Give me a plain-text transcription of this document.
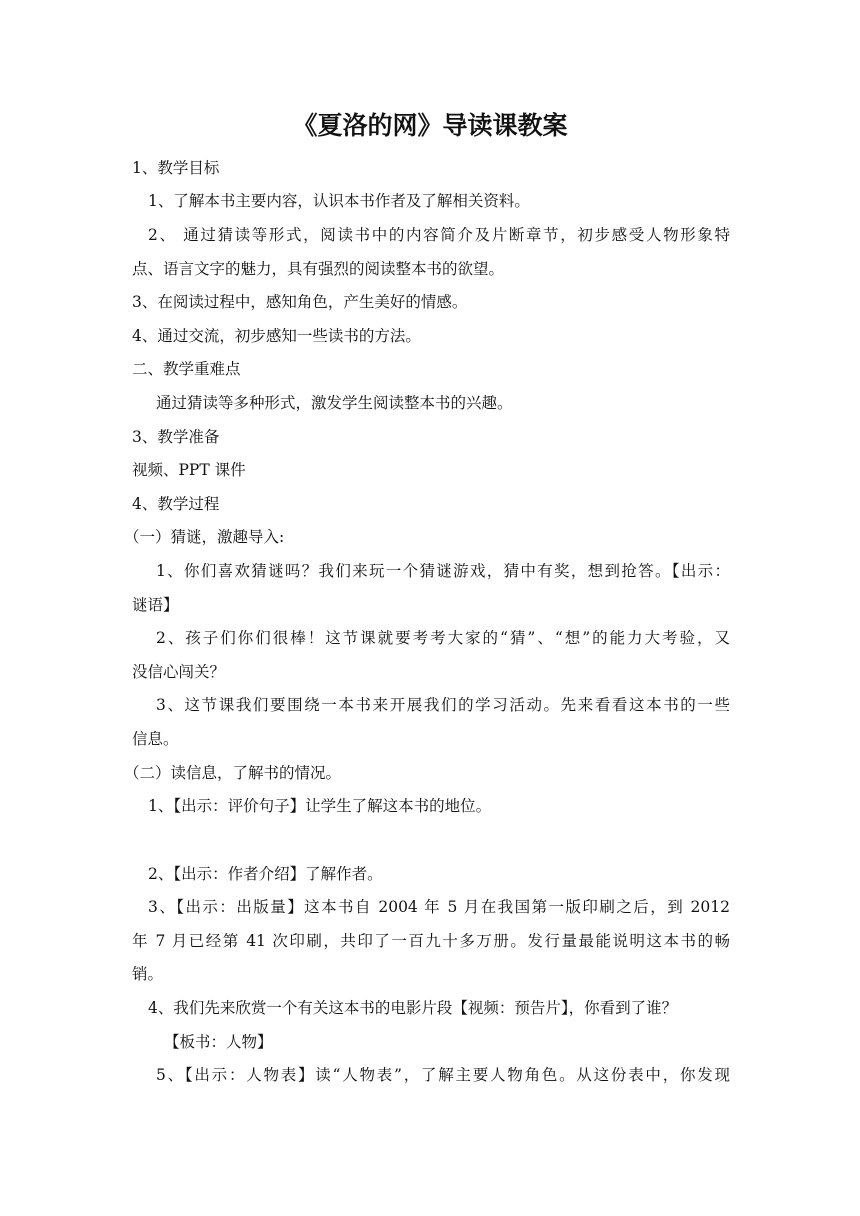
《夏洛的网》导读课教案
1、教学目标
1、了解本书主要内容，认识本书作者及了解相关资料。
2、 通过猜读等形式，阅读书中的内容简介及片断章节，初步感受人物形象特
点、语言文字的魅力，具有强烈的阅读整本书的欲望。
3、在阅读过程中，感知角色，产生美好的情感。
4、通过交流，初步感知一些读书的方法。
二、教学重难点
通过猜读等多种形式，激发学生阅读整本书的兴趣。
3、教学准备
视频、PPT 课件
4、教学过程
（一）猜谜，激趣导入:
1、你们喜欢猜谜吗？我们来玩一个猜谜游戏，猜中有奖，想到抢答。【出示：
谜语】
2、孩子们你们很棒！这节课就要考考大家的“猜”、“想”的能力大考验，又
没信心闯关？
3、这节课我们要围绕一本书来开展我们的学习活动。先来看看这本书的一些
信息。
（二）读信息，了解书的情况。
1、【出示：评价句子】让学生了解这本书的地位。
2、【出示：作者介绍】了解作者。
3、【出示：出版量】这本书自 2004 年 5 月在我国第一版印刷之后，到 2012
年 7 月已经第 41 次印刷，共印了一百九十多万册。发行量最能说明这本书的畅
销。
4、我们先来欣赏一个有关这本书的电影片段【视频：预告片】，你看到了谁？
【板书：人物】
5、【出示：人物表】读“人物表”，了解主要人物角色。从这份表中，你发现
